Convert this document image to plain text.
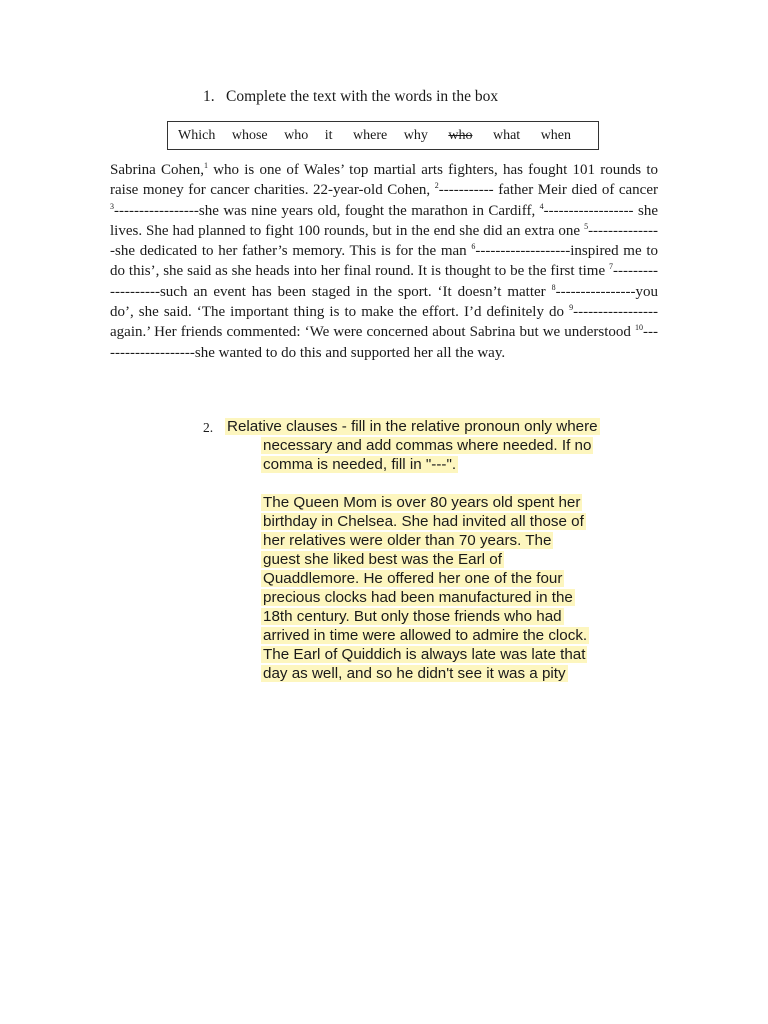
1. Complete the text with the words in the box
Which whose who it where why who what when
Sabrina Cohen,$^1$ who is one of Wales’ top martial arts fighters, has fought 101 rounds to raise money for cancer charities. 22-year-old Cohen, $^2$----------- father Meir died of cancer $^3$-----------------she was nine years old, fought the marathon in Cardiff, $^4$------------------ she lives. She had planned to fight 100 rounds, but in the end she did an extra one $^5$---------------she dedicated to her father’s memory. This is for the man $^6$-------------------inspired me to do this’, she said as she heads into her final round. It is thought to be the first time $^7$-------------------such an event has been staged in the sport. ‘It doesn’t matter $^8$----------------you do’, she said. ‘The important thing is to make the effort. I’d definitely do $^9$----------------- again.’ Her friends commented: ‘We were concerned about Sabrina but we understood $^{10}$--------------------she wanted to do this and supported her all the way.
2. Relative clauses - fill in the relative pronoun only where
necessary and add commas where needed. If no
comma is needed, fill in "---".
The Queen Mom is over 80 years old spent her
birthday in Chelsea. She had invited all those of
her relatives were older than 70 years. The
guest she liked best was the Earl of
Quaddlemore. He offered her one of the four
precious clocks had been manufactured in the
18th century. But only those friends who had
arrived in time were allowed to admire the clock.
The Earl of Quiddich is always late was late that
day as well, and so he didn't see it was a pity
